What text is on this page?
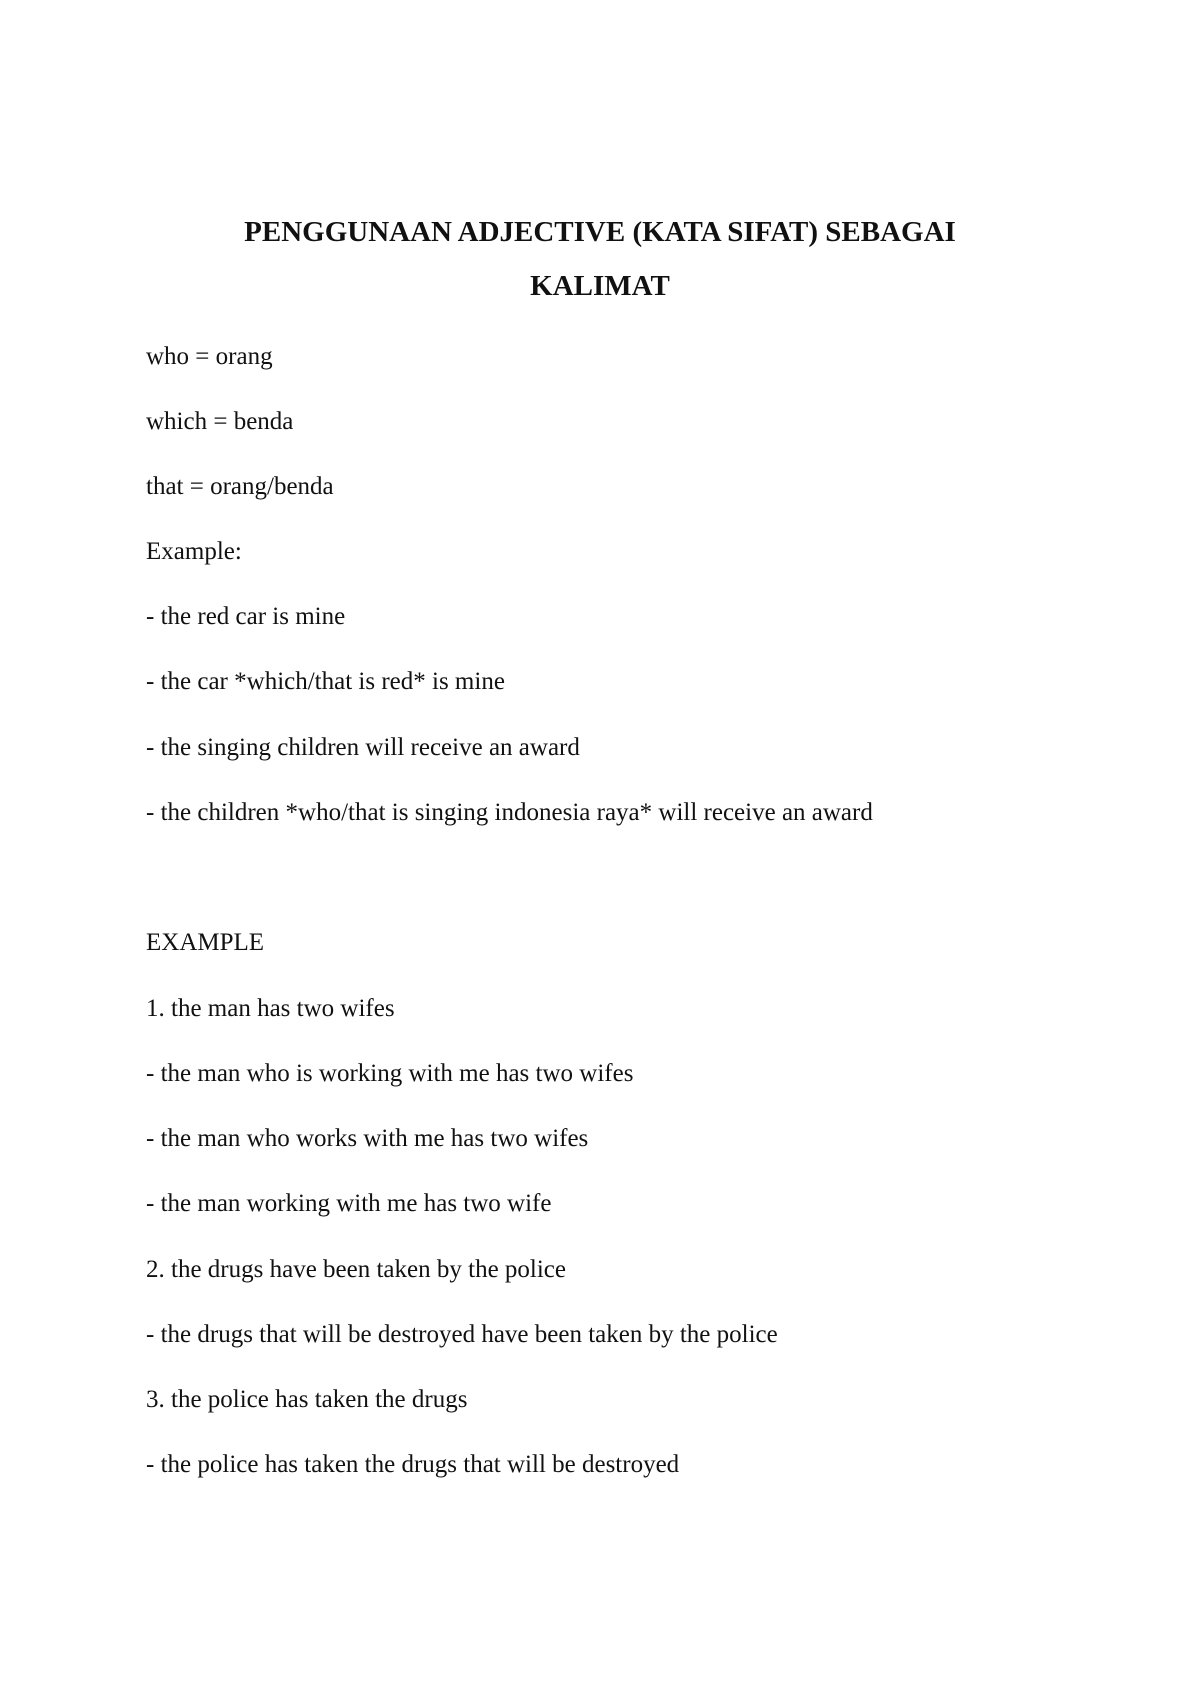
PENGGUNAAN ADJECTIVE (KATA SIFAT) SEBAGAI
KALIMAT

who = orang

which = benda

that = orang/benda

Example:

- the red car is mine

- the car *which/that is red* is mine

- the singing children will receive an award

- the children *who/that is singing indonesia raya* will receive an award

EXAMPLE

1. the man has two wifes

- the man who is working with me has two wifes

- the man who works with me has two wifes

- the man working with me has two wife

2. the drugs have been taken by the police

- the drugs that will be destroyed have been taken by the police

3. the police has taken the drugs

- the police has taken the drugs that will be destroyed
